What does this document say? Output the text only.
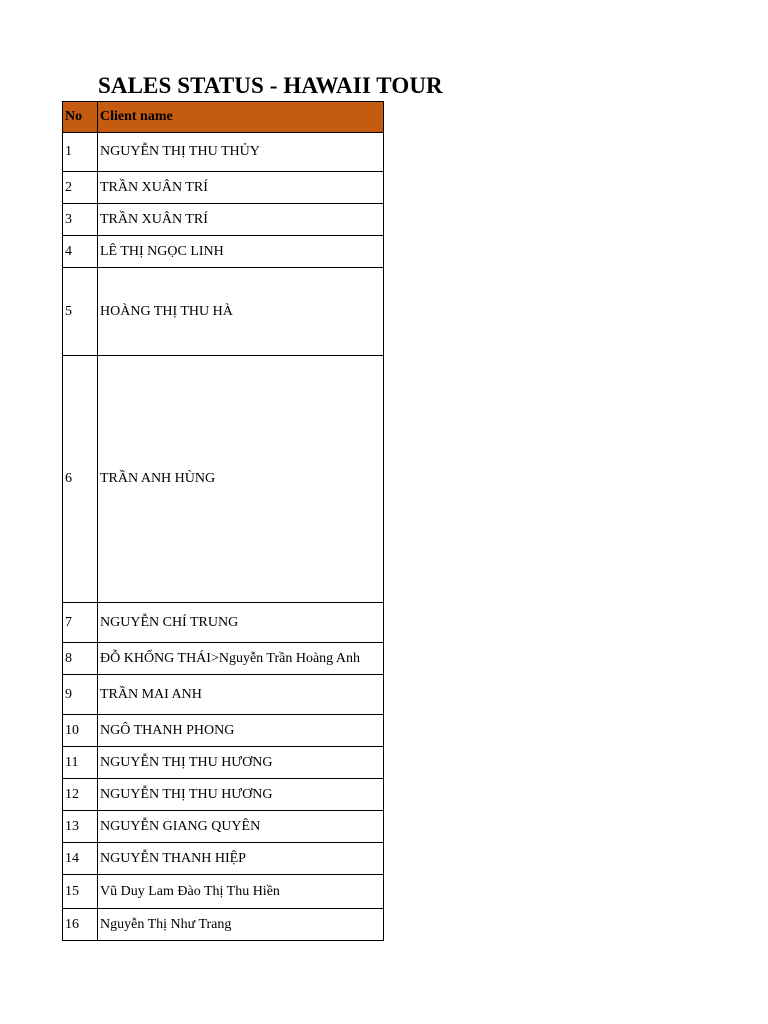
SALES STATUS - HAWAII TOUR
No	Client name
1	NGUYỄN THỊ THU THỦY
2	TRẦN XUÂN TRÍ
3	TRẦN XUÂN TRÍ
4	LÊ THỊ NGỌC LINH
5	HOÀNG THỊ THU HÀ
6	TRẦN ANH HÙNG
7	NGUYỄN CHÍ TRUNG
8	ĐỖ KHỔNG THÁI>Nguyễn Trần Hoàng Anh
9	TRẦN MAI ANH
10	NGÔ THANH PHONG
11	NGUYỄN THỊ THU HƯƠNG
12	NGUYỄN THỊ THU HƯƠNG
13	NGUYỄN GIANG QUYÊN
14	NGUYỄN THANH HIỆP
15	Vũ Duy Lam Đào Thị Thu Hiền
16	Nguyễn Thị Như Trang
